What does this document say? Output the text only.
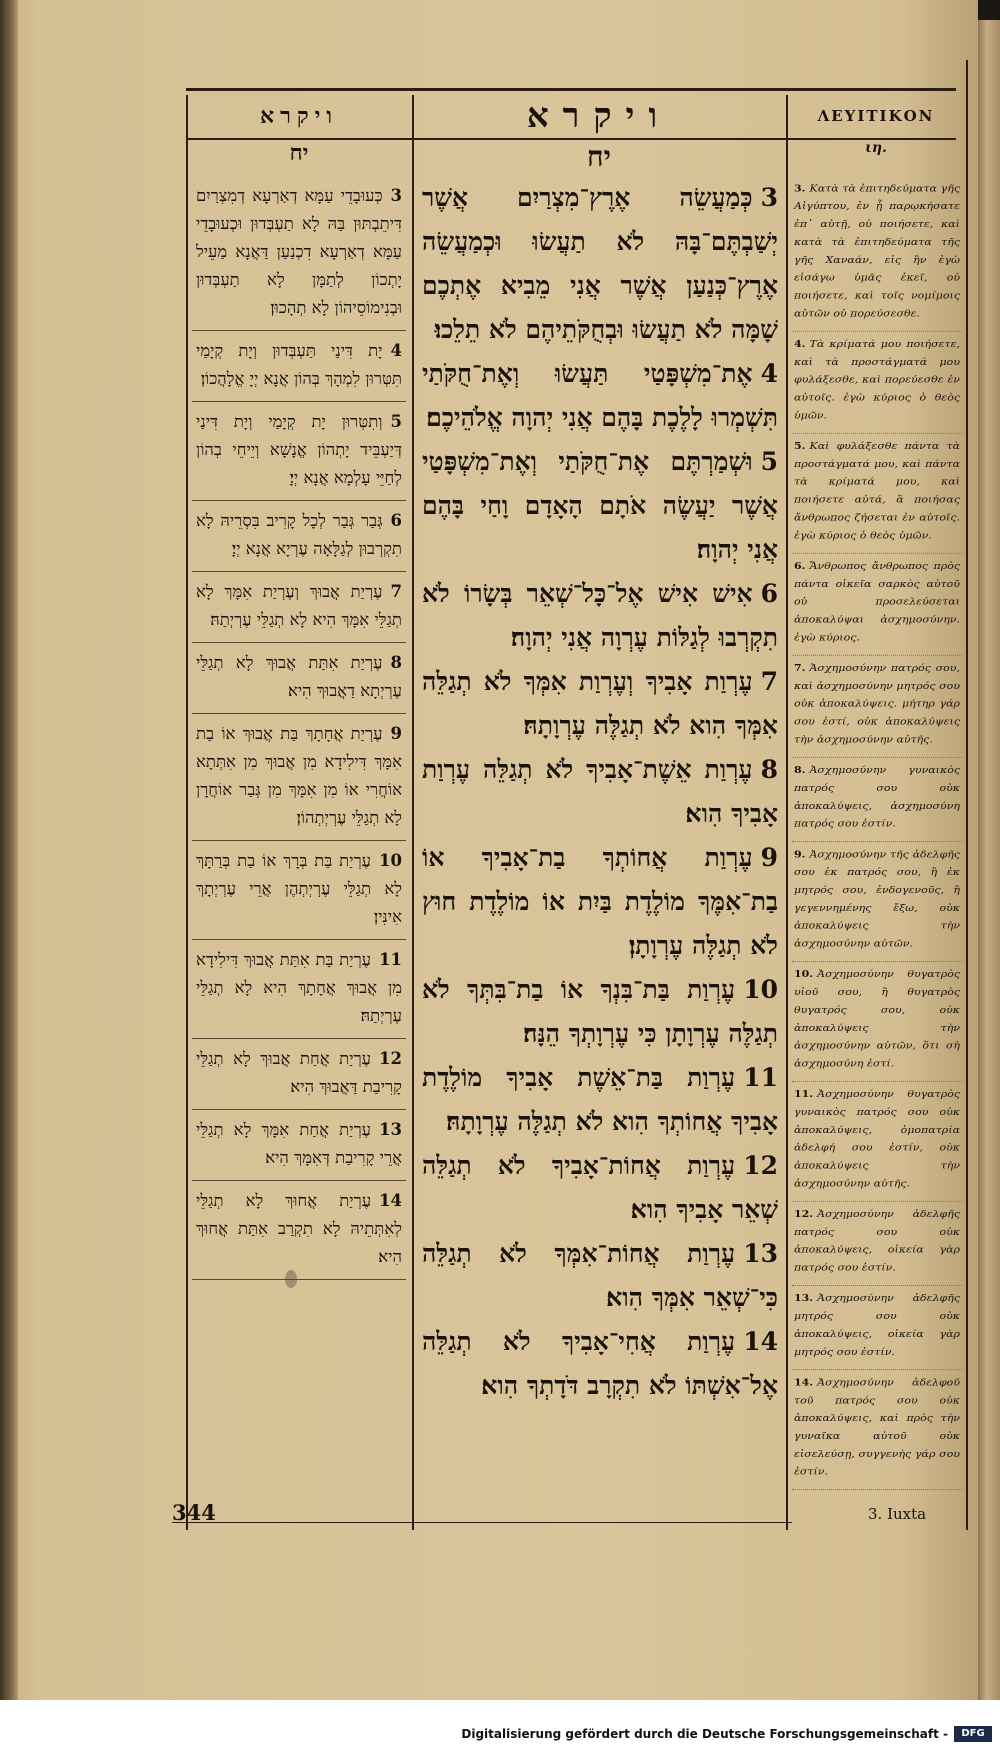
ויקרא	ויקרא	ΛΕΥΙΤΙΚΟΝ
יח	יח	ιη.
3כְּעוּבָדֵי עַמָּא דְאַרְעָא דְמִצְרַיִם דִּיתֵבְתּוּן בַּהּ לָא תַעְבְּדוּן וּכְעוּבָדֵי עַמָּא דְאַרְעָא דִכְנַעַן דַּאֲנָא מַעֵיל יָתְכוֹן לְתַמָּן לָא תַעְבְּדוּן וּבְנִימוֹסֵיהוֹן לָא תְהָכוּן׃
4יָת דִּינַי תַּעְבְּדוּן וְיָת קְיָמַי תִּטְּרוּן לִמְהָךְ בְּהוֹן אֲנָא יְיָ אֱלָהֲכוֹן׃
5וְתִטְּרוּן יָת קְיָמַי וְיָת דִּינַי דְּיַעְבֵּיד יָתְהוֹן אֱנָשָׁא וְיֵיחֵי בְהוֹן לְחַיֵּי עָלְמָא אֲנָא יְיָ׃
6גְּבַר גְּבַר לְכָל קָרִיב בִּסְרֵיהּ לָא תִקְרְבוּן לְגַלָּאָה עֶרְיָא אֲנָא יְיָ׃
7עֶרְיַת אֲבוּךְ וְעֶרְיַת אִמָּךְ לָא תְגַלֵּי אִמָּךְ הִיא לָא תְגַלֵּי עֶרְיְתַהּ׃
8עֶרְיַת אִתַּת אֲבוּךְ לָא תְגַלֵּי עֶרְיְתָא דַאֲבוּךְ הִיא׃
9עֶרְיַת אֲחָתָךְ בַּת אֲבוּךְ אוֹ בַת אִמָּךְ דִּילִידָא מִן אֲבוּךְ מִן אִתְּתָא אוֹחֲרִי אוֹ מִן אִמָּךְ מִן גְּבַר אוֹחֲרָן לָא תְגַלֵּי עֶרְיְתְהוֹן׃
10עֶרְיַת בַּת בְּרָךְ אוֹ בַת בְּרַתָּךְ לָא תְגַלֵּי עֶרְיְתְהֶן אֲרֵי עֶרְיְתָךְ אִינִּין׃
11עֶרְיַת בַּת אִתַּת אֲבוּךְ דִּילִידָא מִן אֲבוּךְ אֲחָתָךְ הִיא לָא תְגַלֵּי עֶרְיְתַהּ׃
12עֶרְיַת אֲחַת אֲבוּךְ לָא תְגַלֵּי קָרִיבַת דַּאֲבוּךְ הִיא׃
13עֶרְיַת אֲחַת אִמָּךְ לָא תְגַלֵּי אֲרֵי קָרִיבַת דְּאִמָּךְ הִיא׃
14עֶרְיַת אֲחוּךְ לָא תְגַלֵּי לְאִתְּתֵיהּ לָא תִקְרַב אִתַּת אֲחוּךְ הִיא׃
3כְּמַעֲשֵׂה אֶרֶץ־מִצְרַיִם אֲשֶׁר יְשַׁבְתֶּם־בָּהּ לֹא תַעֲשׂוּ וּכְמַעֲשֵׂה אֶרֶץ־כְּנַעַן אֲשֶׁר אֲנִי מֵבִיא אֶתְכֶם שָׁמָּה לֹא תַעֲשׂוּ וּבְחֻקֹּתֵיהֶם לֹא תֵלֵכוּ׃
4אֶת־מִשְׁפָּטַי תַּעֲשׂוּ וְאֶת־חֻקֹּתַי תִּשְׁמְרוּ לָלֶכֶת בָּהֶם אֲנִי יְהוָה אֱלֹהֵיכֶם׃
5וּשְׁמַרְתֶּם אֶת־חֻקֹּתַי וְאֶת־מִשְׁפָּטַי אֲשֶׁר יַעֲשֶׂה אֹתָם הָאָדָם וָחַי בָּהֶם אֲנִי יְהוָה׃
6אִישׁ אִישׁ אֶל־כָּל־שְׁאֵר בְּשָׂרוֹ לֹא תִקְרְבוּ לְגַלּוֹת עֶרְוָה אֲנִי יְהוָה׃
7עֶרְוַת אָבִיךָ וְעֶרְוַת אִמְּךָ לֹא תְגַלֵּה אִמְּךָ הִוא לֹא תְגַלֶּה עֶרְוָתָהּ׃
8עֶרְוַת אֵשֶׁת־אָבִיךָ לֹא תְגַלֵּה עֶרְוַת אָבִיךָ הִוא׃
9עֶרְוַת אֲחוֹתְךָ בַת־אָבִיךָ אוֹ בַת־אִמֶּךָ מוֹלֶדֶת בַּיִת אוֹ מוֹלֶדֶת חוּץ לֹא תְגַלֶּה עֶרְוָתָן׃
10עֶרְוַת בַּת־בִּנְךָ אוֹ בַת־בִּתְּךָ לֹא תְגַלֶּה עֶרְוָתָן כִּי עֶרְוָתְךָ הֵנָּה׃
11עֶרְוַת בַּת־אֵשֶׁת אָבִיךָ מוֹלֶדֶת אָבִיךָ אֲחוֹתְךָ הִוא לֹא תְגַלֶּה עֶרְוָתָהּ׃
12עֶרְוַת אֲחוֹת־אָבִיךָ לֹא תְגַלֵּה שְׁאֵר אָבִיךָ הִוא׃
13עֶרְוַת אֲחוֹת־אִמְּךָ לֹא תְגַלֵּה כִּי־שְׁאֵר אִמְּךָ הִוא׃
14עֶרְוַת אֲחִי־אָבִיךָ לֹא תְגַלֵּה אֶל־אִשְׁתּוֹ לֹא תִקְרָב דֹּדָתְךָ הִוא׃
3. Κατὰ τὰ ἐπιτηδεύματα γῆς Αἰγύπτου, ἐν ᾗ παρῳκήσατε ἐπ᾽ αὐτῇ, οὐ ποιήσετε, καὶ κατὰ τὰ ἐπιτηδεύματα τῆς γῆς Χαναάν, εἰς ἣν ἐγὼ εἰσάγω ὑμᾶς ἐκεῖ, οὐ ποιήσετε, καὶ τοῖς νομίμοις αὐτῶν οὐ πορεύσεσθε.
4. Τὰ κρίματά μου ποιήσετε, καὶ τὰ προστάγματά μου φυλάξεσθε, καὶ πορεύεσθε ἐν αὐτοῖς. ἐγὼ κύριος ὁ θεὸς ὑμῶν.
5. Καὶ φυλάξεσθε πάντα τὰ προστάγματά μου, καὶ πάντα τὰ κρίματά μου, καὶ ποιήσετε αὐτά, ἃ ποιήσας ἄνθρωπος ζήσεται ἐν αὐτοῖς. ἐγὼ κύριος ὁ θεὸς ὑμῶν.
6. Ἄνθρωπος ἄνθρωπος πρὸς πάντα οἰκεῖα σαρκὸς αὐτοῦ οὐ προσελεύσεται ἀποκαλύψαι ἀσχημοσύνην. ἐγὼ κύριος.
7. Ἀσχημοσύνην πατρός σου, καὶ ἀσχημοσύνην μητρός σου οὐκ ἀποκαλύψεις. μήτηρ γάρ σου ἐστί, οὐκ ἀποκαλύψεις τὴν ἀσχημοσύνην αὐτῆς.
8. Ἀσχημοσύνην γυναικὸς πατρός σου οὐκ ἀποκαλύψεις, ἀσχημοσύνη πατρός σου ἐστίν.
9. Ἀσχημοσύνην τῆς ἀδελφῆς σου ἐκ πατρός σου, ἢ ἐκ μητρός σου, ἐνδογενοῦς, ἢ γεγεννημένης ἔξω, οὐκ ἀποκαλύψεις τὴν ἀσχημοσύνην αὐτῶν.
10. Ἀσχημοσύνην θυγατρὸς υἱοῦ σου, ἢ θυγατρὸς θυγατρός σου, οὐκ ἀποκαλύψεις τὴν ἀσχημοσύνην αὐτῶν, ὅτι σὴ ἀσχημοσύνη ἐστί.
11. Ἀσχημοσύνην θυγατρὸς γυναικὸς πατρός σου οὐκ ἀποκαλύψεις, ὁμοπατρία ἀδελφή σου ἐστίν, οὐκ ἀποκαλύψεις τὴν ἀσχημοσύνην αὐτῆς.
12. Ἀσχημοσύνην ἀδελφῆς πατρός σου οὐκ ἀποκαλύψεις, οἰκεία γὰρ πατρός σου ἐστίν.
13. Ἀσχημοσύνην ἀδελφῆς μητρός σου οὐκ ἀποκαλύψεις, οἰκεία γὰρ μητρός σου ἐστίν.
14. Ἀσχημοσύνην ἀδελφοῦ τοῦ πατρός σου οὐκ ἀποκαλύψεις, καὶ πρὸς τὴν γυναῖκα αὐτοῦ οὐκ εἰσελεύσῃ, συγγενὴς γάρ σου ἐστίν.
344	3. Iuxta
Digitalisierung gefördert durch die Deutsche Forschungsgemeinschaft -	DFG
